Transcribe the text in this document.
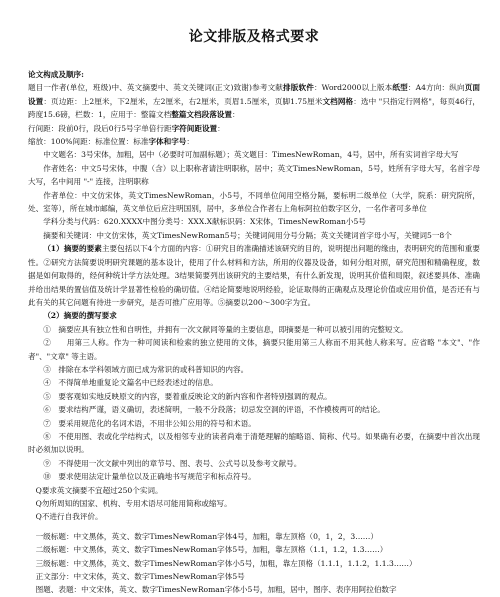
论文排版及格式要求

论文构成及顺序:

题目一作者(单位，班级)中、英文摘要中、英文关键词(正文)致谢)参考文献排版软件：Word2000以上版本纸型：A4方向：纵向页面设置：页边距：上2厘米，下2厘米，左2厘米，右2厘米，页眉1.5厘米，页脚1.75厘米文档网格：选中 "只指定行网格"，每页46行，跨度15.6磅，栏数：1，应用于：整篇文档整篇文档段落设置：

行间距：段前0行，段后0行5号字单倍行距字符间距设置：

缩放：100%间距：标准位置：标准字体和字号：

中文题名：3号宋体，加粗，居中（必要时可加副标题）；英文题目：TimesNewRoman，4号，居中，所有实词首字母大写

作者姓名：中文5号宋体，中腹（含）以上职称者请注明职称，居中；英文TimesNewRoman，5号，姓所有字母大写，名首字母大写，名中间用 "-" 连接，注明职称

作者单位：中文仿宋体，英文TimesNewRoman，小5号，不同单位间用空格分隔，要标明二级单位（大学，院系：研究院所，处、室等），所在城市邮编，英文单位后应注明国别，居中，多单位合作者右上角标阿拉伯数字区分，一名作者可多单位

学科分类与代码：620.XXXX中图分类号：XXX.X献标识码：X宋体，TimesNewRoman小5号

摘要和关键词：中文仿宋体，英文TimesNewRoman5号；关键词间用分号分隔；英文关键词首字母小写，关键词5一8个

（1）摘要的要素主要包括以下4个方面的内容：①研究目的准确描述该研究的目的，说明提出问题的缘由，表明研究的范围和重要性。②研究方法简要说明研究课题的基本设计，使用了什么材料和方法，所用的仪器及设备，如何分组对照，研究范围和精确程度，数据是如何取得的，经何种统计学方法处理。3结果简要列出该研究的主要结果，有什么新发现，说明其价值和局限，叙述要具体、准确并给出结果的置信值及统计学显著性检验的确切值。④结论简要地说明经验，论证取得的正确观点及理论价值或应用价值，是否还有与此有关的其它问题有待进一步研究，是否可推广应用等。⑤摘要以200～300字为宜。

（2）摘要的撰写要求

①　摘要应具有独立性和自明性，并拥有一次文献同等量的主要信息，即摘要是一种可以被引用的完整短文。

②　　用第三人称。作为一种可阅读和检索的独立使用的文体，摘要只能用第三人称而不用其他人称来写。应省略 "本文"、"作者"、"文章" 等主语。

③　排除在本学科领域方面已成为常识的或科普知识的内容。

④　不得简单地重复论文篇名中已经表述过的信息。

⑤　要客观如实地反映原文的内容，要着重反映论文的新内容和作者特别强调的观点。

⑥　要求结构严谨，语义确切，表述简明，一般不分段落；切忌发空洞的评语，不作模棱两可的结论。

⑦　要采用规范化的名词术语，不用非公知公用的符号和术语。

⑧　不使用图、表或化学结构式，以及相邻专业的读者尚难于清楚理解的缩略语、简称、代号。如果确有必要，在摘要中首次出现时必须加以说明。

⑨　不得使用一次文献中列出的章节号、图、表号、公式号以及参考文献号。

⑩　要求使用法定计量单位以及正确地书写规范字和标点符号。

Q要求英文摘要不宜超过250个实词。

Q勿所周知的国家、机构、专用术语尽可能用简称或缩写。

Q不进行自我评价。

一级标题：中文黑体，英文、数字TimesNewRoman字体4号，加粗，靠左顶格（0，1，2，3……）

二级标题：中文黑体，英文、数字TimesNewRoman字体5号，加粗，靠左顶格（1.1，1.2，1.3……）

三级标题：中文黑体，英文、数字TimesNewRoman字体小5号，加粗，靠左顶格（1.1.1，1.1.2，1.1.3……）

正文部分：中文宋体，英文、数字TimesNewRoman字体5号

图题、表题：中文宋体，英文、数字TimesNewRoman字体小5号，加粗，居中，图序、表序用阿拉伯数字
